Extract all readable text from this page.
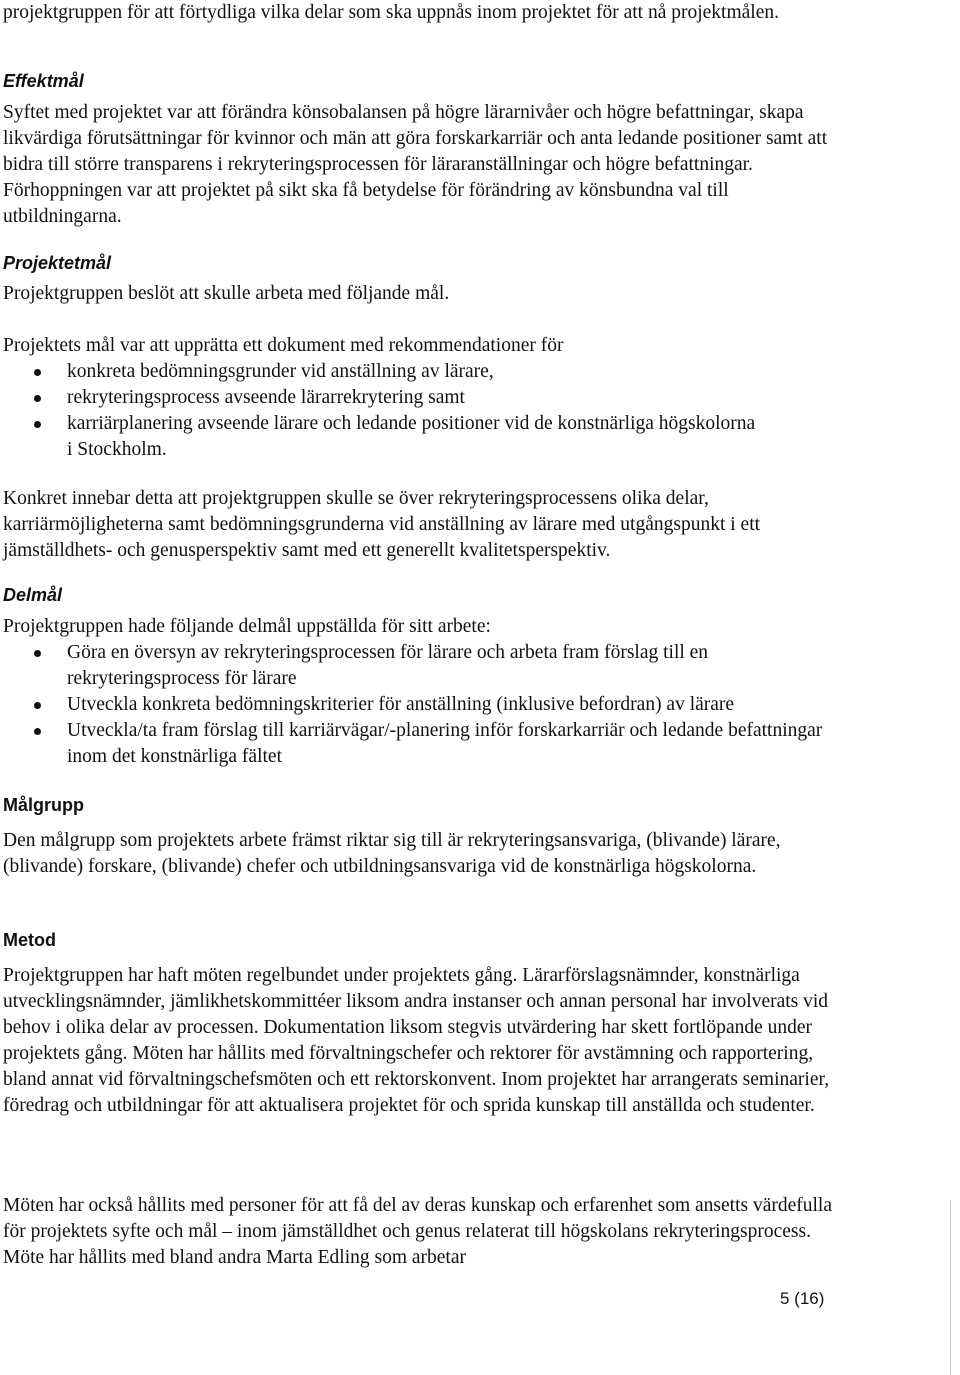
projektgruppen för att förtydliga vilka delar som ska uppnås inom projektet för att nå projektmålen.

Effektmål

Syftet med projektet var att förändra könsobalansen på högre lärarnivåer och högre befattningar, skapa likvärdiga förutsättningar för kvinnor och män att göra forskarkarriär och anta ledande positioner samt att bidra till större transparens i rekryteringsprocessen för läraranställningar och högre befattningar. Förhoppningen var att projektet på sikt ska få betydelse för förändring av könsbundna val till utbildningarna.

Projektetmål

Projektgruppen beslöt att skulle arbeta med följande mål.

Projektets mål var att upprätta ett dokument med rekommendationer för

konkreta bedömningsgrunder vid anställning av lärare,
rekryteringsprocess avseende lärarrekrytering samt
karriärplanering avseende lärare och ledande positioner vid de konstnärliga högskolorna i Stockholm.

Konkret innebar detta att projektgruppen skulle se över rekryteringsprocessens olika delar, karriärmöjligheterna samt bedömningsgrunderna vid anställning av lärare med utgångspunkt i ett jämställdhets- och genusperspektiv samt med ett generellt kvalitetsperspektiv.

Delmål

Projektgruppen hade följande delmål uppställda för sitt arbete:

Göra en översyn av rekryteringsprocessen för lärare och arbeta fram förslag till en rekryteringsprocess för lärare
Utveckla konkreta bedömningskriterier för anställning (inklusive befordran) av lärare
Utveckla/ta fram förslag till karriärvägar/-planering inför forskarkarriär och ledande befattningar inom det konstnärliga fältet
Målgrupp

Den målgrupp som projektets arbete främst riktar sig till är rekryteringsansvariga, (blivande) lärare, (blivande) forskare, (blivande) chefer och utbildningsansvariga vid de konstnärliga högskolorna.

Metod

Projektgruppen har haft möten regelbundet under projektets gång. Lärarförslagsnämnder, konstnärliga utvecklingsnämnder, jämlikhetskommittéer liksom andra instanser och annan personal har involverats vid behov i olika delar av processen. Dokumentation liksom stegvis utvärdering har skett fortlöpande under projektets gång. Möten har hållits med förvaltningschefer och rektorer för avstämning och rapportering, bland annat vid förvaltningschefsmöten och ett rektorskonvent. Inom projektet har arrangerats seminarier, föredrag och utbildningar för att aktualisera projektet för och sprida kunskap till anställda och studenter.

Möten har också hållits med personer för att få del av deras kunskap och erfarenhet som ansetts värdefulla för projektets syfte och mål – inom jämställdhet och genus relaterat till högskolans rekryteringsprocess. Möte har hållits med bland andra Marta Edling som arbetar

5 (16)
